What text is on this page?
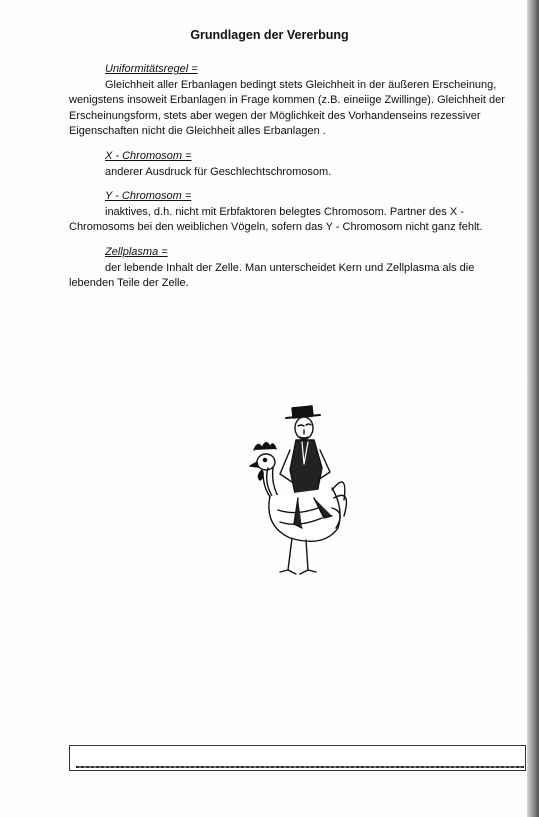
Grundlagen der Vererbung
Uniformitätsregel =
Gleichheit aller Erbanlagen bedingt stets Gleichheit in der äußeren Erscheinung,
wenigstens insoweit Erbanlagen in Frage kommen (z.B. eineiige Zwillinge). Gleichheit der
Erscheinungsform, stets aber wegen der Möglichkeit des Vorhandenseins rezessiver
Eigenschaften nicht die Gleichheit alles Erbanlagen .
X - Chromosom =
anderer Ausdruck für Geschlechtschromosom.
Y - Chromosom =
inaktives, d.h. nicht mit Erbfaktoren belegtes Chromosom. Partner des X -
Chromosoms bei den weiblichen Vögeln, sofern das Y - Chromosom nicht ganz fehlt.
Zellplasma =
der lebende Inhalt der Zelle. Man unterscheidet Kern und Zellplasma als die
lebenden Teile der Zelle.
